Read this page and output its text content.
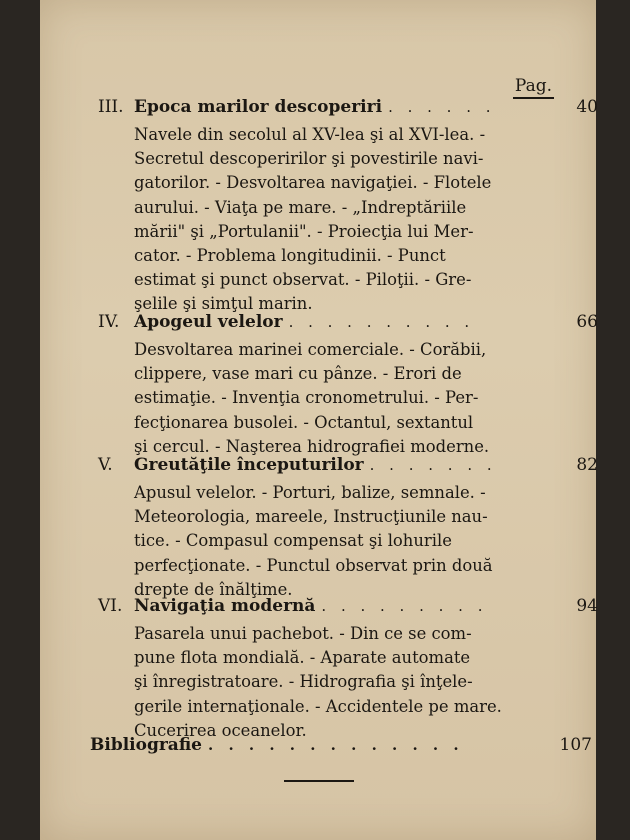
Pag.
III. Epoca marilor descoperiri . . . . . .	40
Navele din secolul al XV-lea şi al XVI-lea. -
Secretul descoperirilor şi povestirile navi-
gatorilor. - Desvoltarea navigaţiei. - Flotele
aurului. - Viaţa pe mare. - „Indreptăriile
mării" şi „Portulanii". - Proiecţia lui Mer-
cator. - Problema longitudinii. - Punct
estimat şi punct observat. - Piloţii. - Gre-
şelile şi simţul marin.
IV. Apogeul velelor . . . . . . . . . .	66
Desvoltarea marinei comerciale. - Corăbii,
clippere, vase mari cu pânze. - Erori de
estimaţie. - Invenţia cronometrului. - Per-
fecţionarea busolei. - Octantul, sextantul
şi cercul. - Naşterea hidrografiei moderne.
V. Greutăţile începuturilor . . . . . . .	82
Apusul velelor. - Porturi, balize, semnale. -
Meteorologia, mareele, Instrucţiunile nau-
tice. - Compasul compensat şi lohurile
perfecţionate. - Punctul observat prin două
drepte de înălţime.
VI. Navigaţia modernă . . . . . . . . .	94
Pasarela unui pachebot. - Din ce se com-
pune flota mondială. - Aparate automate
şi înregistratoare. - Hidrografia şi înţele-
gerile internaţionale. - Accidentele pe mare.
Cucerirea oceanelor.
Bibliografie . . . . . . . . . . . . .	107
